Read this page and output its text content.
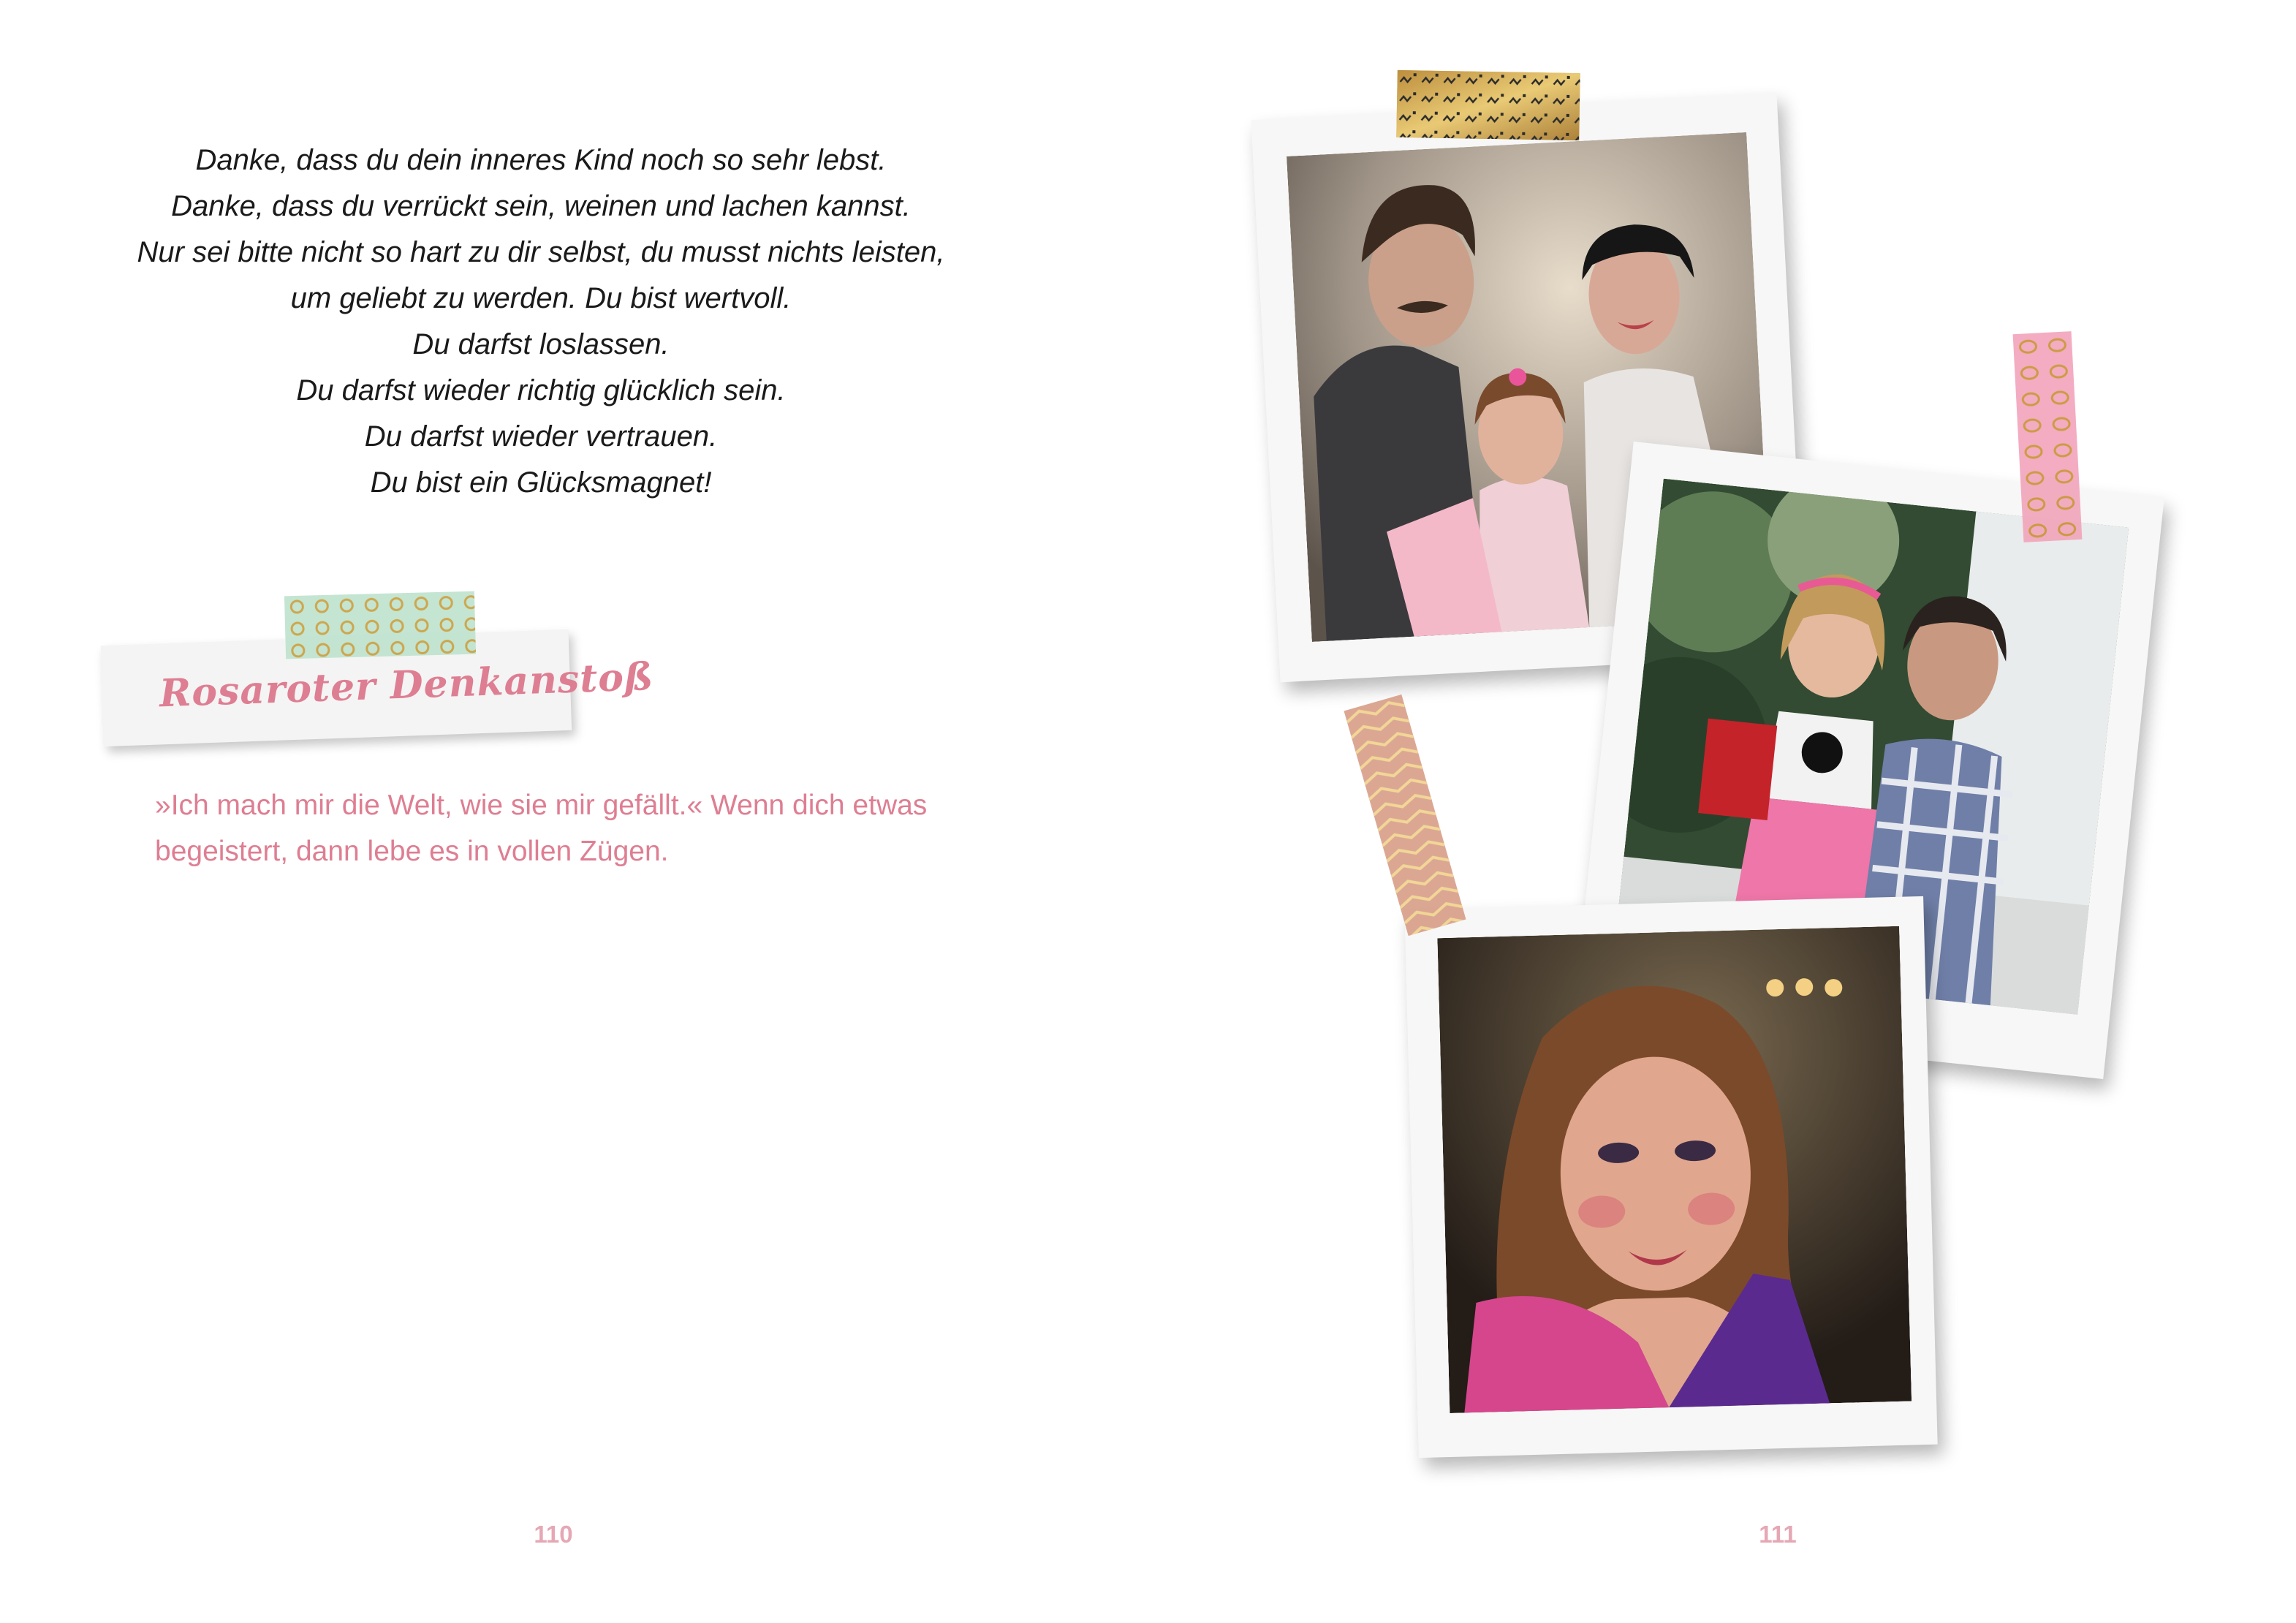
Danke, dass du dein inneres Kind noch so sehr lebst.
Danke, dass du verrückt sein, weinen und lachen kannst.
Nur sei bitte nicht so hart zu dir selbst, du musst nichts leisten,
um geliebt zu werden. Du bist wertvoll.
Du darfst loslassen.
Du darfst wieder richtig glücklich sein.
Du darfst wieder vertrauen.
Du bist ein Glücksmagnet!
Rosaroter Denkanstoß

»Ich mach mir die Welt, wie sie mir gefällt.« Wenn dich etwas
begeistert, dann lebe es in vollen Zügen.

110	111
